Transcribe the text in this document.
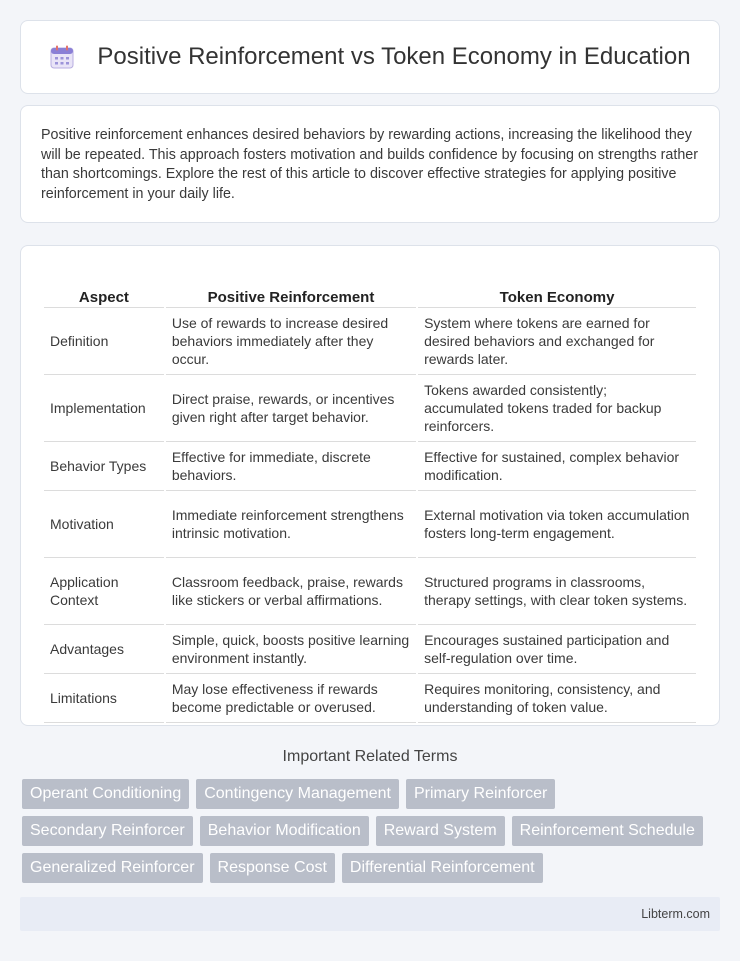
Positive Reinforcement vs Token Economy in Education

Positive reinforcement enhances desired behaviors by rewarding actions, increasing the likelihood they will be repeated. This approach fosters motivation and builds confidence by focusing on strengths rather than shortcomings. Explore the rest of this article to discover effective strategies for applying positive reinforcement in your daily life.

Aspect	Positive Reinforcement	Token Economy
Definition	Use of rewards to increase desired behaviors immediately after they occur.	System where tokens are earned for desired behaviors and exchanged for rewards later.
Implementation	Direct praise, rewards, or incentives given right after target behavior.	Tokens awarded consistently; accumulated tokens traded for backup reinforcers.
Behavior Types	Effective for immediate, discrete behaviors.	Effective for sustained, complex behavior modification.
Motivation	Immediate reinforcement strengthens intrinsic motivation.	External motivation via token accumulation fosters long-term engagement.
Application Context	Classroom feedback, praise, rewards like stickers or verbal affirmations.	Structured programs in classrooms, therapy settings, with clear token systems.
Advantages	Simple, quick, boosts positive learning environment instantly.	Encourages sustained participation and self-regulation over time.
Limitations	May lose effectiveness if rewards become predictable or overused.	Requires monitoring, consistency, and understanding of token value.
Important Related Terms
Operant Conditioning	Contingency Management	Primary Reinforcer
Secondary Reinforcer	Behavior Modification	Reward System	Reinforcement Schedule
Generalized Reinforcer	Response Cost	Differential Reinforcement
Libterm.com
